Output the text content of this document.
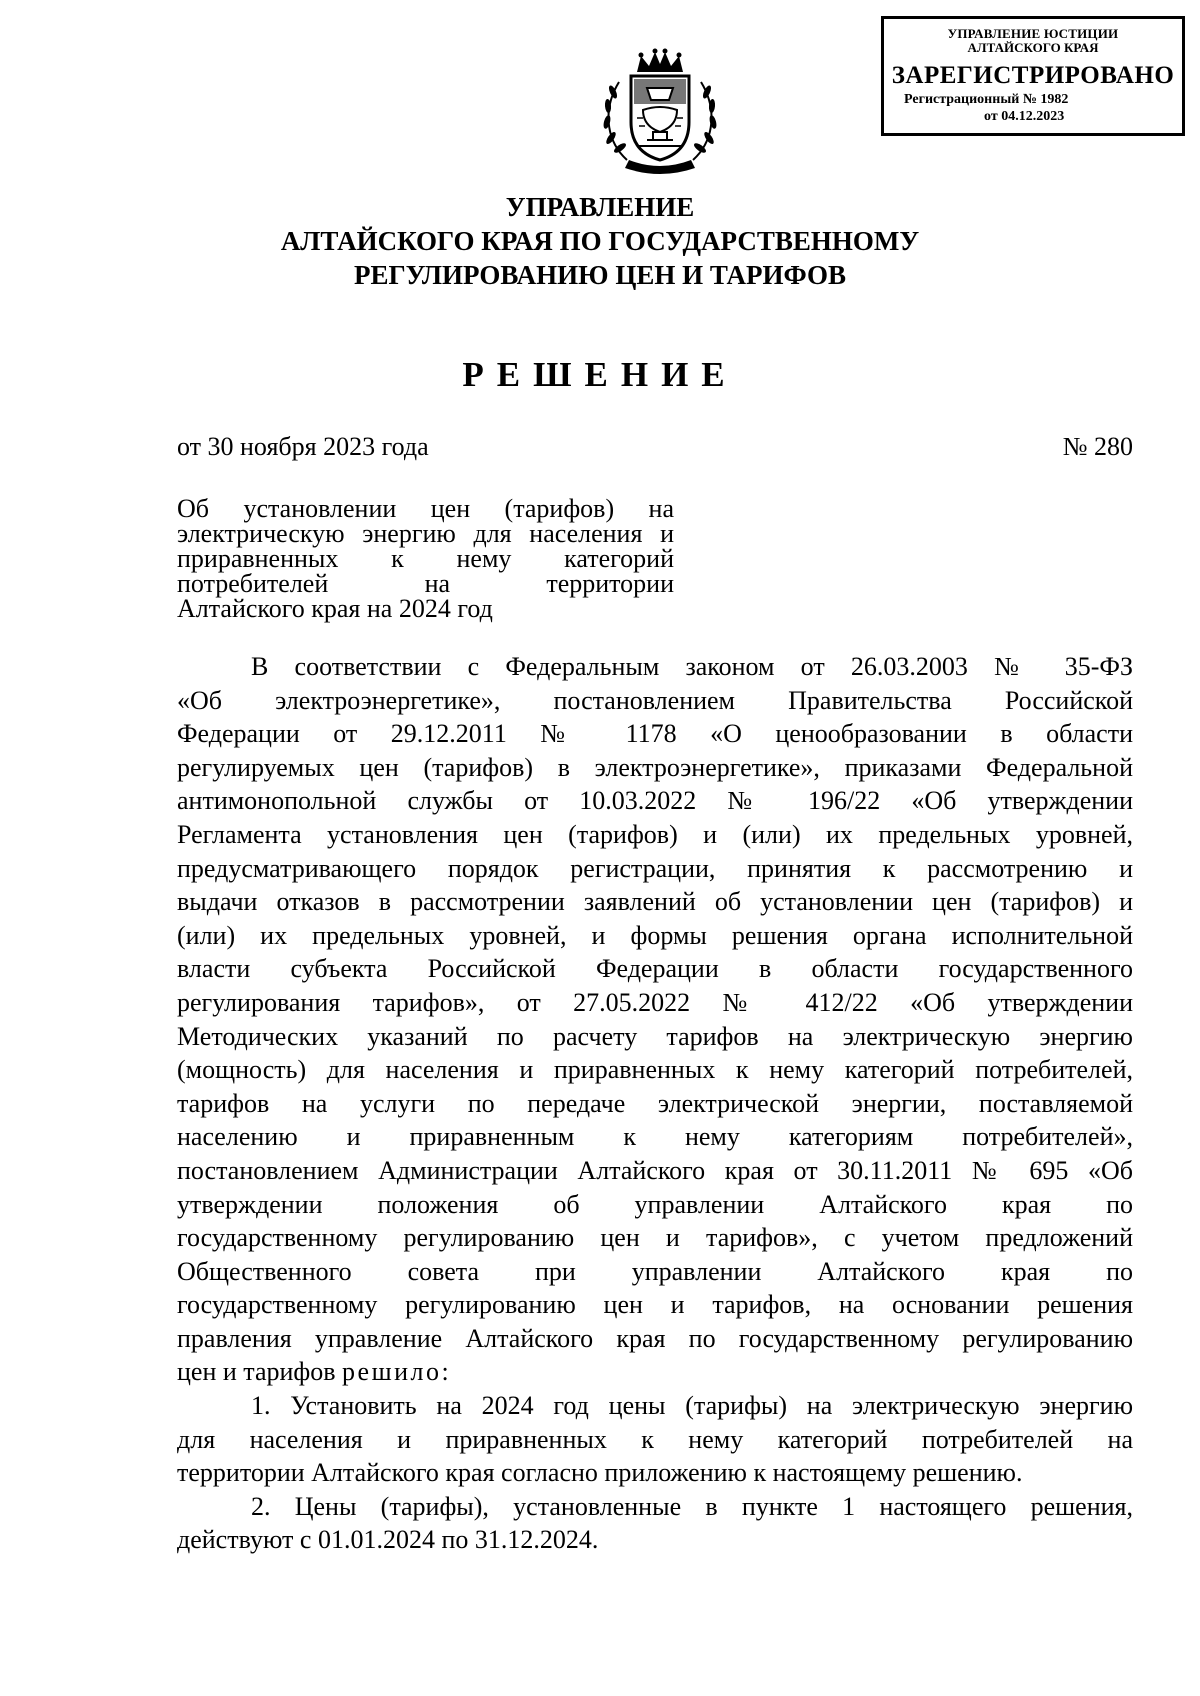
УПРАВЛЕНИЕ ЮСТИЦИИ
АЛТАЙСКОГО КРАЯ
ЗАРЕГИСТРИРОВАНО
Регистрационный № 1982
от 04.12.2023
УПРАВЛЕНИЕ
АЛТАЙСКОГО КРАЯ ПО ГОСУДАРСТВЕННОМУ
РЕГУЛИРОВАНИЮ ЦЕН И ТАРИФОВ
РЕШЕНИЕ
от 30 ноября 2023 года	№ 280
Об установлении цен (тарифов) на
электрическую энергию для населения и
приравненных к нему категорий
потребителей на территории
Алтайского края на 2024 год
В соответствии с Федеральным законом от 26.03.2003 № 35-ФЗ
«Об электроэнергетике», постановлением Правительства Российской
Федерации от 29.12.2011 № 1178 «О ценообразовании в области
регулируемых цен (тарифов) в электроэнергетике», приказами Федеральной
антимонопольной службы от 10.03.2022 № 196/22 «Об утверждении
Регламента установления цен (тарифов) и (или) их предельных уровней,
предусматривающего порядок регистрации, принятия к рассмотрению и
выдачи отказов в рассмотрении заявлений об установлении цен (тарифов) и
(или) их предельных уровней, и формы решения органа исполнительной
власти субъекта Российской Федерации в области государственного
регулирования тарифов», от 27.05.2022 № 412/22 «Об утверждении
Методических указаний по расчету тарифов на электрическую энергию
(мощность) для населения и приравненных к нему категорий потребителей,
тарифов на услуги по передаче электрической энергии, поставляемой
населению и приравненным к нему категориям потребителей»,
постановлением Администрации Алтайского края от 30.11.2011 № 695 «Об
утверждении положения об управлении Алтайского края по
государственному регулированию цен и тарифов», с учетом предложений
Общественного совета при управлении Алтайского края по
государственному регулированию цен и тарифов, на основании решения
правления управление Алтайского края по государственному регулированию
цен и тарифов решило:
1. Установить на 2024 год цены (тарифы) на электрическую энергию
для населения и приравненных к нему категорий потребителей на
территории Алтайского края согласно приложению к настоящему решению.
2. Цены (тарифы), установленные в пункте 1 настоящего решения,
действуют с 01.01.2024 по 31.12.2024.
